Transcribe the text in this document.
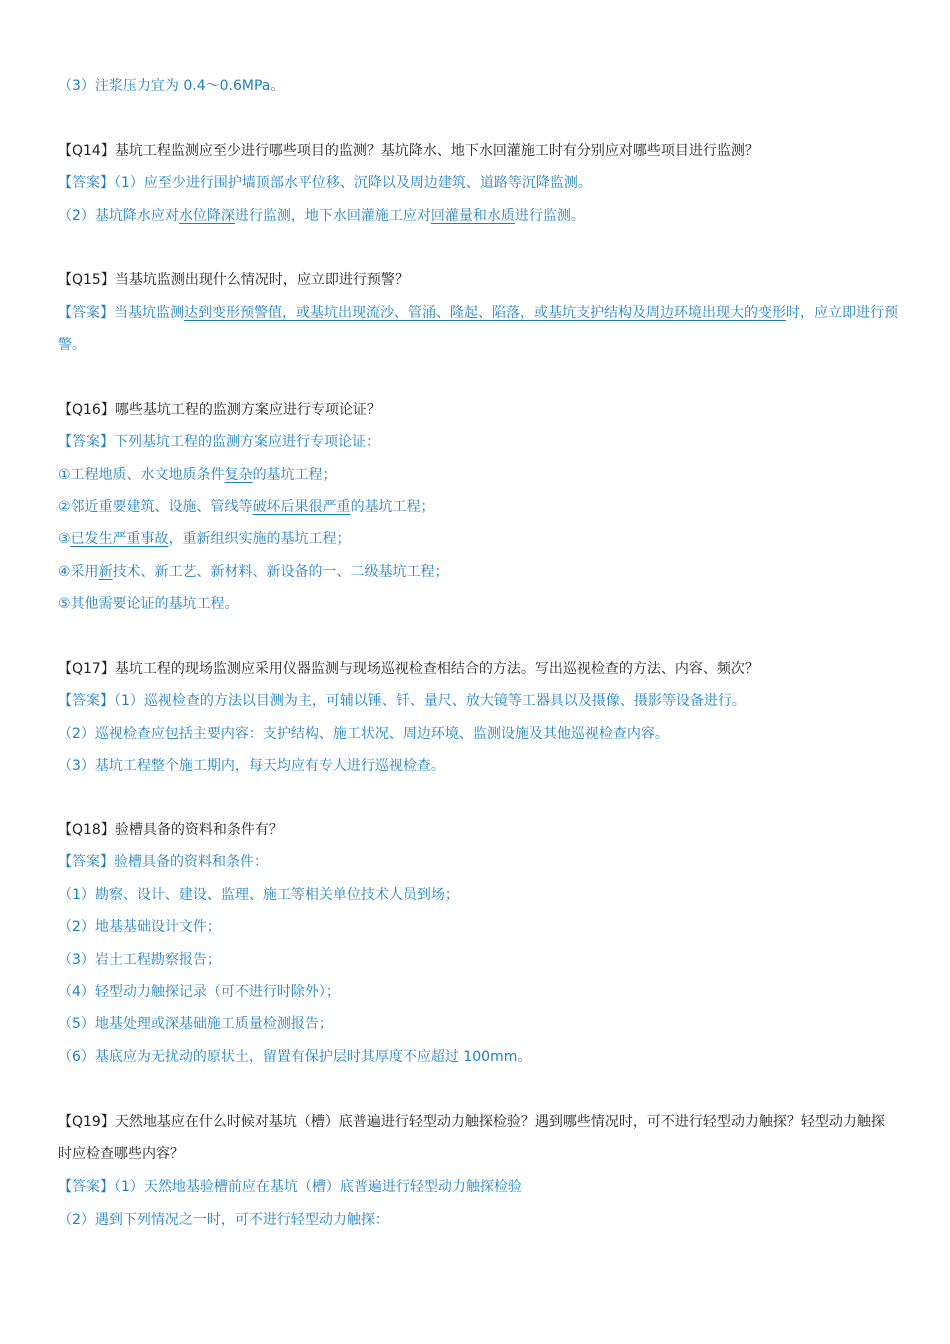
（3）注浆压力宜为 0.4～0.6MPa。
【Q14】基坑工程监测应至少进行哪些项目的监测？基坑降水、地下水回灌施工时有分别应对哪些项目进行监测？
【答案】（1）应至少进行围护墙顶部水平位移、沉降以及周边建筑、道路等沉降监测。
（2）基坑降水应对水位降深进行监测，地下水回灌施工应对回灌量和水质进行监测。
【Q15】当基坑监测出现什么情况时，应立即进行预警？
【答案】当基坑监测达到变形预警值，或基坑出现流沙、管涌、隆起、陷落，或基坑支护结构及周边环境出现大的变形时，应立即进行预警。
【Q16】哪些基坑工程的监测方案应进行专项论证？
【答案】下列基坑工程的监测方案应进行专项论证：
①工程地质、水文地质条件复杂的基坑工程；
②邻近重要建筑、设施、管线等破坏后果很严重的基坑工程；
③已发生严重事故，重新组织实施的基坑工程；
④采用新技术、新工艺、新材料、新设备的一、二级基坑工程；
⑤其他需要论证的基坑工程。
【Q17】基坑工程的现场监测应采用仪器监测与现场巡视检查相结合的方法。写出巡视检查的方法、内容、频次？
【答案】（1）巡视检查的方法以目测为主，可辅以锤、钎、量尺、放大镜等工器具以及摄像、摄影等设备进行。
（2）巡视检查应包括主要内容：支护结构、施工状况、周边环境、监测设施及其他巡视检查内容。
（3）基坑工程整个施工期内，每天均应有专人进行巡视检查。
【Q18】验槽具备的资料和条件有？
【答案】验槽具备的资料和条件：
（1）勘察、设计、建设、监理、施工等相关单位技术人员到场；
（2）地基基础设计文件；
（3）岩土工程勘察报告；
（4）轻型动力触探记录（可不进行时除外）；
（5）地基处理或深基础施工质量检测报告；
（6）基底应为无扰动的原状土，留置有保护层时其厚度不应超过 100mm。
【Q19】天然地基应在什么时候对基坑（槽）底普遍进行轻型动力触探检验？遇到哪些情况时，可不进行轻型动力触探？轻型动力触探时应检查哪些内容？
【答案】（1）天然地基验槽前应在基坑（槽）底普遍进行轻型动力触探检验
（2）遇到下列情况之一时，可不进行轻型动力触探：
